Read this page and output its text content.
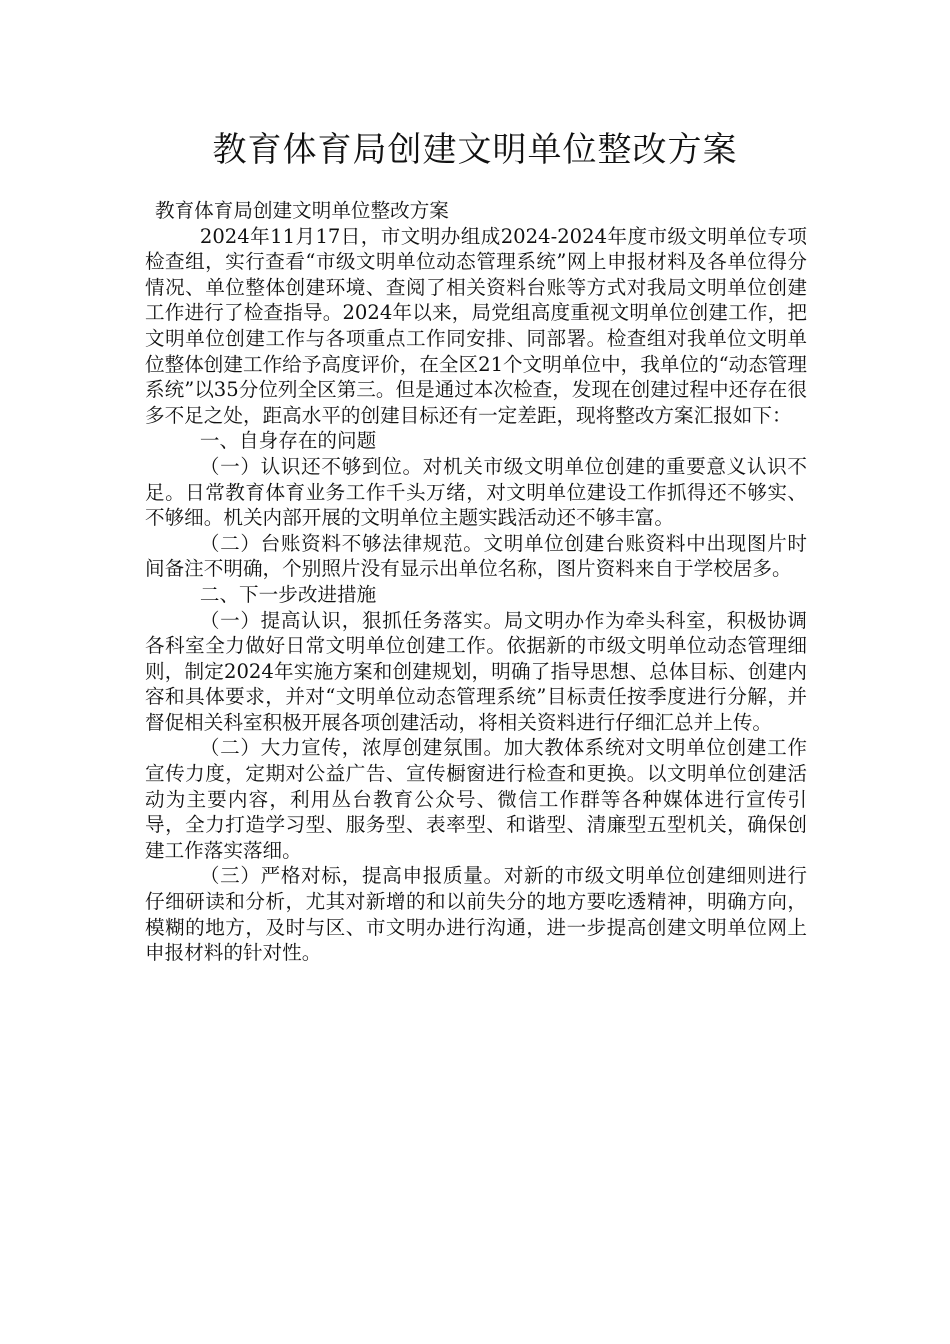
教育体育局创建文明单位整改方案

教育体育局创建文明单位整改方案

2024年11月17日，市文明办组成2024-2024年度市级文明单位专项检查组，实行查看“市级文明单位动态管理系统”网上申报材料及各单位得分情况、单位整体创建环境、查阅了相关资料台账等方式对我局文明单位创建工作进行了检查指导。2024年以来，局党组高度重视文明单位创建工作，把文明单位创建工作与各项重点工作同安排、同部署。检查组对我单位文明单位整体创建工作给予高度评价，在全区21个文明单位中，我单位的“动态管理系统”以35分位列全区第三。但是通过本次检查，发现在创建过程中还存在很多不足之处，距高水平的创建目标还有一定差距，现将整改方案汇报如下：

一、自身存在的问题

（一）认识还不够到位。对机关市级文明单位创建的重要意义认识不足。日常教育体育业务工作千头万绪，对文明单位建设工作抓得还不够实、不够细。机关内部开展的文明单位主题实践活动还不够丰富。

（二）台账资料不够法律规范。文明单位创建台账资料中出现图片时间备注不明确，个别照片没有显示出单位名称，图片资料来自于学校居多。

二、下一步改进措施

（一）提高认识，狠抓任务落实。局文明办作为牵头科室，积极协调各科室全力做好日常文明单位创建工作。依据新的市级文明单位动态管理细则，制定2024年实施方案和创建规划，明确了指导思想、总体目标、创建内容和具体要求，并对“文明单位动态管理系统”目标责任按季度进行分解，并督促相关科室积极开展各项创建活动，将相关资料进行仔细汇总并上传。

（二）大力宣传，浓厚创建氛围。加大教体系统对文明单位创建工作宣传力度，定期对公益广告、宣传橱窗进行检查和更换。以文明单位创建活动为主要内容，利用丛台教育公众号、微信工作群等各种媒体进行宣传引导，全力打造学习型、服务型、表率型、和谐型、清廉型五型机关，确保创建工作落实落细。

（三）严格对标，提高申报质量。对新的市级文明单位创建细则进行仔细研读和分析，尤其对新增的和以前失分的地方要吃透精神，明确方向，模糊的地方，及时与区、市文明办进行沟通，进一步提高创建文明单位网上申报材料的针对性。
